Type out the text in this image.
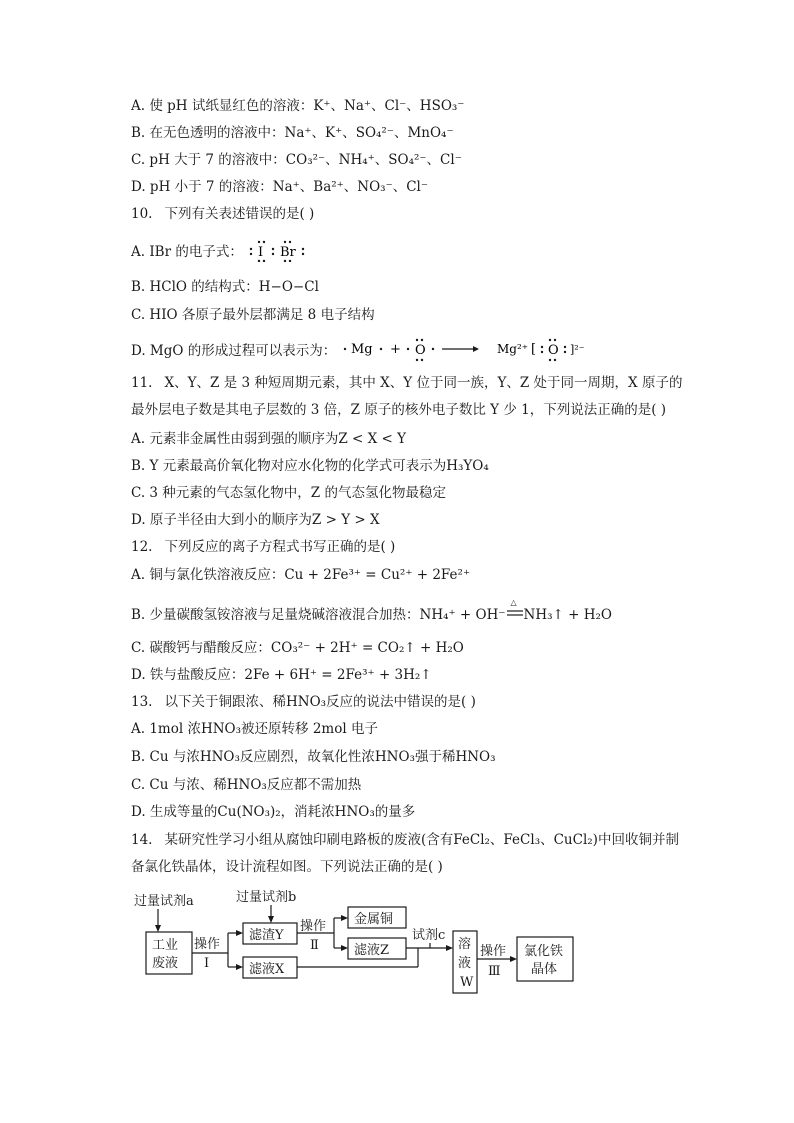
A. 使 pH 试纸显红色的溶液：K⁺、Na⁺、Cl⁻、HSO₃⁻
B. 在无色透明的溶液中：Na⁺、K⁺、SO₄²⁻、MnO₄⁻
C. pH 大于 7 的溶液中：CO₃²⁻、NH₄⁺、SO₄²⁻、Cl⁻
D. pH 小于 7 的溶液：Na⁺、Ba²⁺、NO₃⁻、Cl⁻
10. 下列有关表述错误的是( )
A. IBr 的电子式： I Br
B. HClO 的结构式：H−O−Cl
C. HIO 各原子最外层都满足 8 电子结构
D. MgO 的形成过程可以表示为： Mg + O	Mg²⁺ [ O ]²⁻
11. X、Y、Z 是 3 种短周期元素，其中 X、Y 位于同一族，Y、Z 处于同一周期，X 原子的最外层电子数是其电子层数的 3 倍，Z 原子的核外电子数比 Y 少 1，下列说法正确的是( )
A. 元素非金属性由弱到强的顺序为Z < X < Y
B. Y 元素最高价氧化物对应水化物的化学式可表示为H₃YO₄
C. 3 种元素的气态氢化物中，Z 的气态氢化物最稳定
D. 原子半径由大到小的顺序为Z > Y > X
12. 下列反应的离子方程式书写正确的是( )
A. 铜与氯化铁溶液反应：Cu + 2Fe³⁺ = Cu²⁺ + 2Fe²⁺
B. 少量碳酸氢铵溶液与足量烧碱溶液混合加热：NH₄⁺ + OH⁻
△
NH₃↑ + H₂O
C. 碳酸钙与醋酸反应：CO₃²⁻ + 2H⁺ = CO₂↑ + H₂O
D. 铁与盐酸反应：2Fe + 6H⁺ = 2Fe³⁺ + 3H₂↑
13. 以下关于铜跟浓、稀HNO₃反应的说法中错误的是( )
A. 1mol 浓HNO₃被还原转移 2mol 电子
B. Cu 与浓HNO₃反应剧烈，故氧化性浓HNO₃强于稀HNO₃
C. Cu 与浓、稀HNO₃反应都不需加热
D. 生成等量的Cu(NO₃)₂，消耗浓HNO₃的量多
14. 某研究性学习小组从腐蚀印刷电路板的废液(含有FeCl₂、FeCl₃、CuCl₂)中回收铜并制备氯化铁晶体，设计流程如图。下列说法正确的是( )
过量试剂a
工业
废液
操作
Ⅰ
过量试剂b
滤渣Y
滤液X
操作
Ⅱ
金属铜
滤液Z
试剂c
溶
液
W
操作
Ⅲ
氯化铁
晶体
